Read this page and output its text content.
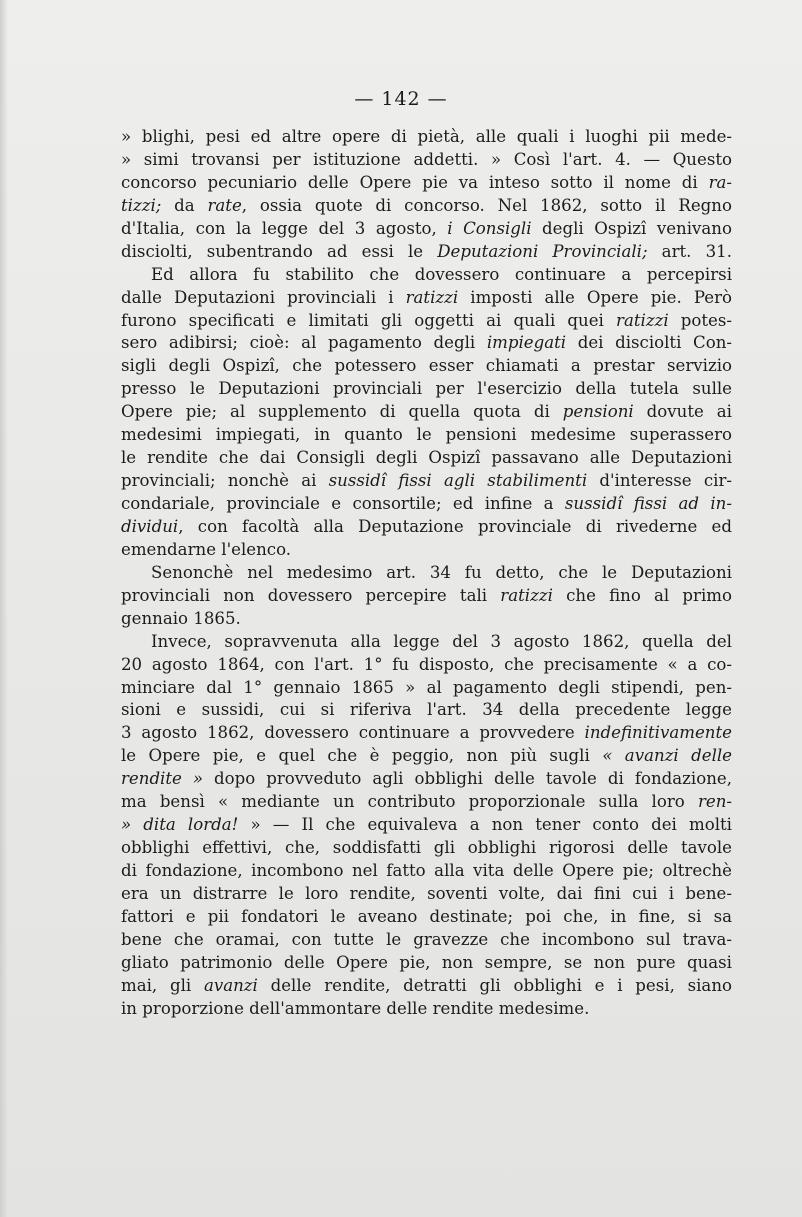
— 142 —
» blighi, pesi ed altre opere di pietà, alle quali i luoghi pii mede-
» simi trovansi per istituzione addetti. » Così l'art. 4. — Questo
concorso pecuniario delle Opere pie va inteso sotto il nome di ra-
tizzi; da rate, ossia quote di concorso. Nel 1862, sotto il Regno
d'Italia, con la legge del 3 agosto, i Consigli degli Ospizî venivano
disciolti, subentrando ad essi le Deputazioni Provinciali; art. 31.
Ed allora fu stabilito che dovessero continuare a percepirsi
dalle Deputazioni provinciali i ratizzi imposti alle Opere pie. Però
furono specificati e limitati gli oggetti ai quali quei ratizzi potes-
sero adibirsi; cioè: al pagamento degli impiegati dei disciolti Con-
sigli degli Ospizî, che potessero esser chiamati a prestar servizio
presso le Deputazioni provinciali per l'esercizio della tutela sulle
Opere pie; al supplemento di quella quota di pensioni dovute ai
medesimi impiegati, in quanto le pensioni medesime superassero
le rendite che dai Consigli degli Ospizî passavano alle Deputazioni
provinciali; nonchè ai sussidî fissi agli stabilimenti d'interesse cir-
condariale, provinciale e consortile; ed infine a sussidî fissi ad in-
dividui, con facoltà alla Deputazione provinciale di rivederne ed
emendarne l'elenco.
Senonchè nel medesimo art. 34 fu detto, che le Deputazioni
provinciali non dovessero percepire tali ratizzi che fino al primo
gennaio 1865.
Invece, sopravvenuta alla legge del 3 agosto 1862, quella del
20 agosto 1864, con l'art. 1° fu disposto, che precisamente « a co-
minciare dal 1° gennaio 1865 » al pagamento degli stipendi, pen-
sioni e sussidi, cui si riferiva l'art. 34 della precedente legge
3 agosto 1862, dovessero continuare a provvedere indefinitivamente
le Opere pie, e quel che è peggio, non più sugli « avanzi delle
rendite » dopo provveduto agli obblighi delle tavole di fondazione,
ma bensì « mediante un contributo proporzionale sulla loro ren-
» dita lorda! » — Il che equivaleva a non tener conto dei molti
obblighi effettivi, che, soddisfatti gli obblighi rigorosi delle tavole
di fondazione, incombono nel fatto alla vita delle Opere pie; oltrechè
era un distrarre le loro rendite, soventi volte, dai fini cui i bene-
fattori e pii fondatori le aveano destinate; poi che, in fine, si sa
bene che oramai, con tutte le gravezze che incombono sul trava-
gliato patrimonio delle Opere pie, non sempre, se non pure quasi
mai, gli avanzi delle rendite, detratti gli obblighi e i pesi, siano
in proporzione dell'ammontare delle rendite medesime.
